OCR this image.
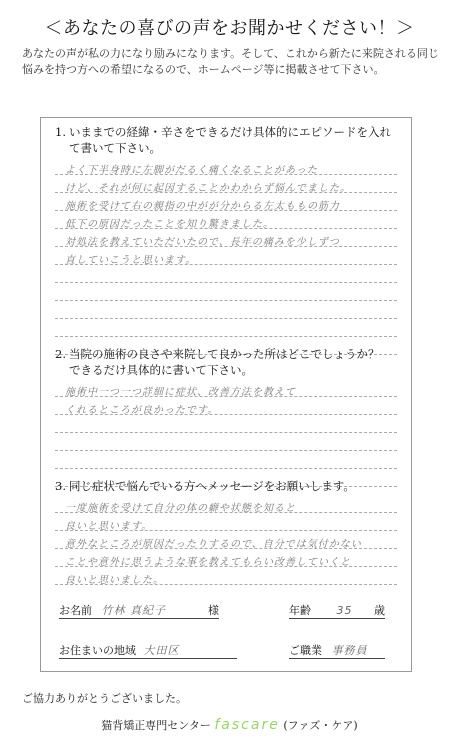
＜あなたの喜びの声をお聞かせください！＞
あなたの声が私の力になり励みになります。そして、これから新たに来院される同じ悩みを持つ方への希望になるので、ホームページ等に掲載させて下さい。
1. いままでの経緯・辛さをできるだけ具体的にエピソードを入れ
て書いて下さい。
よく下半身時に左脚がだるく痛くなることがあった
けど、それが何に起因することかわからず悩んでました。
施術を受けて右の親指の中がが分からる左太ももの筋力
低下の原因だったことを知り驚きました。
対処法を教えていただいたので、長年の痛みを少しずつ
直していこうと思います。
2. 当院の施術の良さや来院して良かった所はどこでしょうか？
できるだけ具体的に書いて下さい。
施術中一つ一つ詳細に症状、改善方法を教えて
くれるところが良かったです。
3. 同じ症状で悩んでいる方へメッセージをお願いします。
一度施術を受けて自分の体の癖や状態を知ると
良いと思います。
意外なところが原因だったりするので、自分では気付かない
ことや意外に思うような事を教えてもらい改善していくと
良いと思いました。
お名前 竹林 真紀子	様	年齢 35 歳
お住まいの地域 大田区	ご職業 事務員
ご協力ありがとうございました。
猫背矯正専門センター fascare (ファズ・ケア)
